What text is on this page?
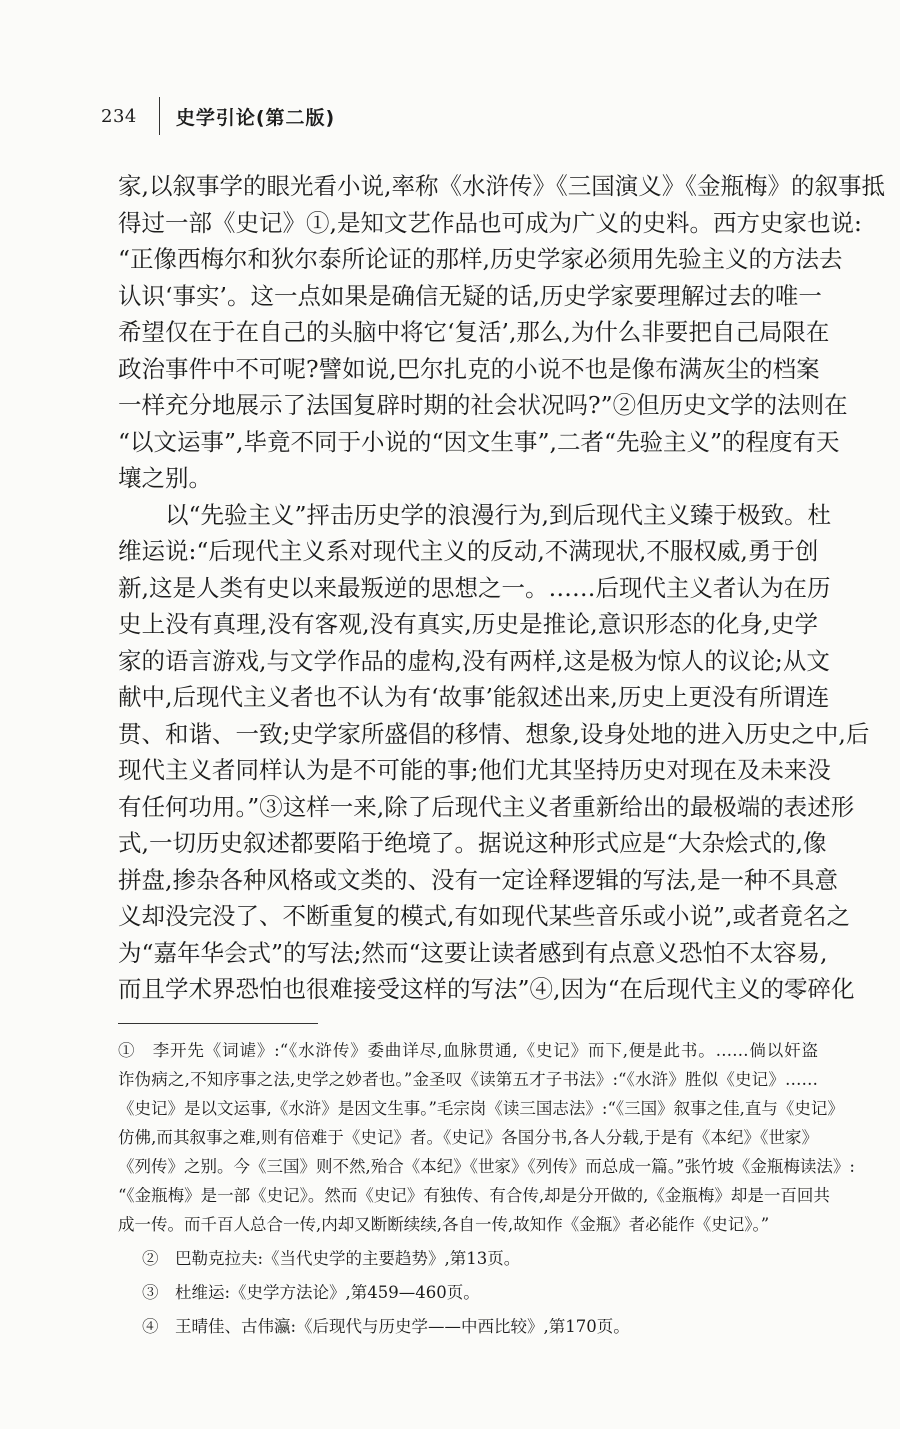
234 史学引论(第二版)
家,以叙事学的眼光看小说,率称《水浒传》《三国演义》《金瓶梅》的叙事抵
得过一部《史记》①,是知文艺作品也可成为广义的史料。西方史家也说:
“正像西梅尔和狄尔泰所论证的那样,历史学家必须用先验主义的方法去
认识‘事实’。这一点如果是确信无疑的话,历史学家要理解过去的唯一
希望仅在于在自己的头脑中将它‘复活’,那么,为什么非要把自己局限在
政治事件中不可呢?譬如说,巴尔扎克的小说不也是像布满灰尘的档案
一样充分地展示了法国复辟时期的社会状况吗?”②但历史文学的法则在
“以文运事”,毕竟不同于小说的“因文生事”,二者“先验主义”的程度有天
壤之别。
　　以“先验主义”抨击历史学的浪漫行为,到后现代主义臻于极致。杜
维运说:“后现代主义系对现代主义的反动,不满现状,不服权威,勇于创
新,这是人类有史以来最叛逆的思想之一。……后现代主义者认为在历
史上没有真理,没有客观,没有真实,历史是推论,意识形态的化身,史学
家的语言游戏,与文学作品的虚构,没有两样,这是极为惊人的议论;从文
献中,后现代主义者也不认为有‘故事’能叙述出来,历史上更没有所谓连
贯、和谐、一致;史学家所盛倡的移情、想象,设身处地的进入历史之中,后
现代主义者同样认为是不可能的事;他们尤其坚持历史对现在及未来没
有任何功用。”③这样一来,除了后现代主义者重新给出的最极端的表述形
式,一切历史叙述都要陷于绝境了。据说这种形式应是“大杂烩式的,像
拼盘,掺杂各种风格或文类的、没有一定诠释逻辑的写法,是一种不具意
义却没完没了、不断重复的模式,有如现代某些音乐或小说”,或者竟名之
为“嘉年华会式”的写法;然而“这要让读者感到有点意义恐怕不太容易,
而且学术界恐怕也很难接受这样的写法”④,因为“在后现代主义的零碎化
①　李开先《词谑》:“《水浒传》委曲详尽,血脉贯通,《史记》而下,便是此书。……倘以奸盗
诈伪病之,不知序事之法,史学之妙者也。”金圣叹《读第五才子书法》:“《水浒》胜似《史记》……
《史记》是以文运事,《水浒》是因文生事。”毛宗岗《读三国志法》:“《三国》叙事之佳,直与《史记》
仿佛,而其叙事之难,则有倍难于《史记》者。《史记》各国分书,各人分载,于是有《本纪》《世家》
《列传》之别。今《三国》则不然,殆合《本纪》《世家》《列传》而总成一篇。”张竹坡《金瓶梅读法》:
“《金瓶梅》是一部《史记》。然而《史记》有独传、有合传,却是分开做的,《金瓶梅》却是一百回共
成一传。而千百人总合一传,内却又断断续续,各自一传,故知作《金瓶》者必能作《史记》。”
②　巴勒克拉夫:《当代史学的主要趋势》,第13页。
③　杜维运:《史学方法论》,第459—460页。
④　王晴佳、古伟瀛:《后现代与历史学——中西比较》,第170页。
